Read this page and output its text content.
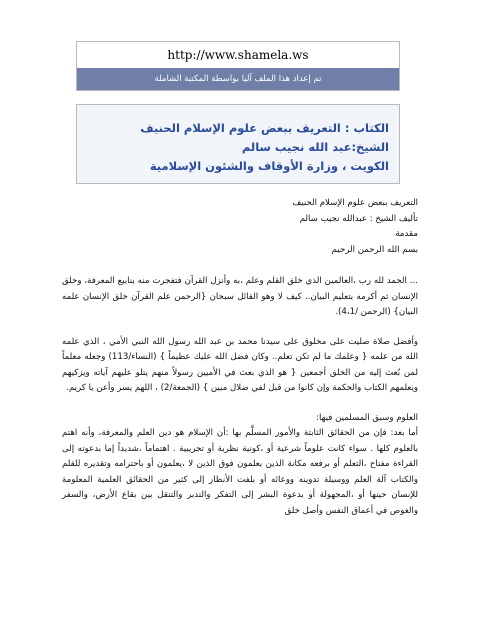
http://www.shamela.ws
تم إعداد هذا الملف آليا بواسطة المكتبة الشاملة
الكتاب : التعريف ببعض علوم الإسلام الحنيف
الشيخ:عبد الله نجيب سالم
الكويت ، وزارة الأوقاف والشئون الإسلامية

التعريف ببعض علوم الإسلام الحنيف

تأليف الشيخ : عبدالله نجيب سالم

مقدمة

بسم الله الرحمن الرحيم

... الحمد لله رب ،العالمين الذي خلق القلم وعلم ،به وأنزل القرآن فتفجرت منه ينابيع المعرفة، وخلق الإنسان ثم أكرمه بتعليم البيان.. كيف لا وهو القائل سبحان {الرحمن علم القرآن خلق الإنسان علمه البيان} (الرحمن /4،1).

وأفضل صلاة صليت على مخلوق على سيدنا محمد بن عبد الله رسول الله النبي الأمي ، الذي علمه الله من علمه { وعلمك ما لم تكن تعلم.. وكان فضل الله عليك عظيماً } (النساء/113) وجعله معلماً لمن بُعث إليه من الخلق أجمعين { هو الذي بعث في الأميين رسولاً منهم يتلو عليهم آياته ويزكيهم ويعلمهم الكتاب والحكمة وإن كانوا من قبل لفي ضلال مبين } (الجمعة/2) ، اللهم يسر وأعن يا كريم.

العلوم وسبق المسلمين فيها:

أما بعد: فإن من الحقائق الثابتة والأمور المسلَّم بها :أن الإسلام هو دين العلم والمعرفة، وأنه اهتم بالعلوم كلها . سواء كانت علوماً شرعية أو ،كونية نظرية أو تجريبية . اهتماماً ،شديداً إما بدعوته إلى القراءة مفتاح ،التعلم أو برفعه مكانة الذين يعلمون فوق الذين لا ،يعلمون أو باحترامه وتقديره للقلم والكتاب آلة العلم ووسيلة تدوينه ووعائه أو بلفت الأنظار إلى كثير من الحقائق العلمية المعلومة للإنسان حينها أو ،المجهولة أو بدعوة البشر إلى التفكر والتدبر والتنقل بين بقاع الأرض، والسفر والغوص في أعماق النفس وأصل خلق
